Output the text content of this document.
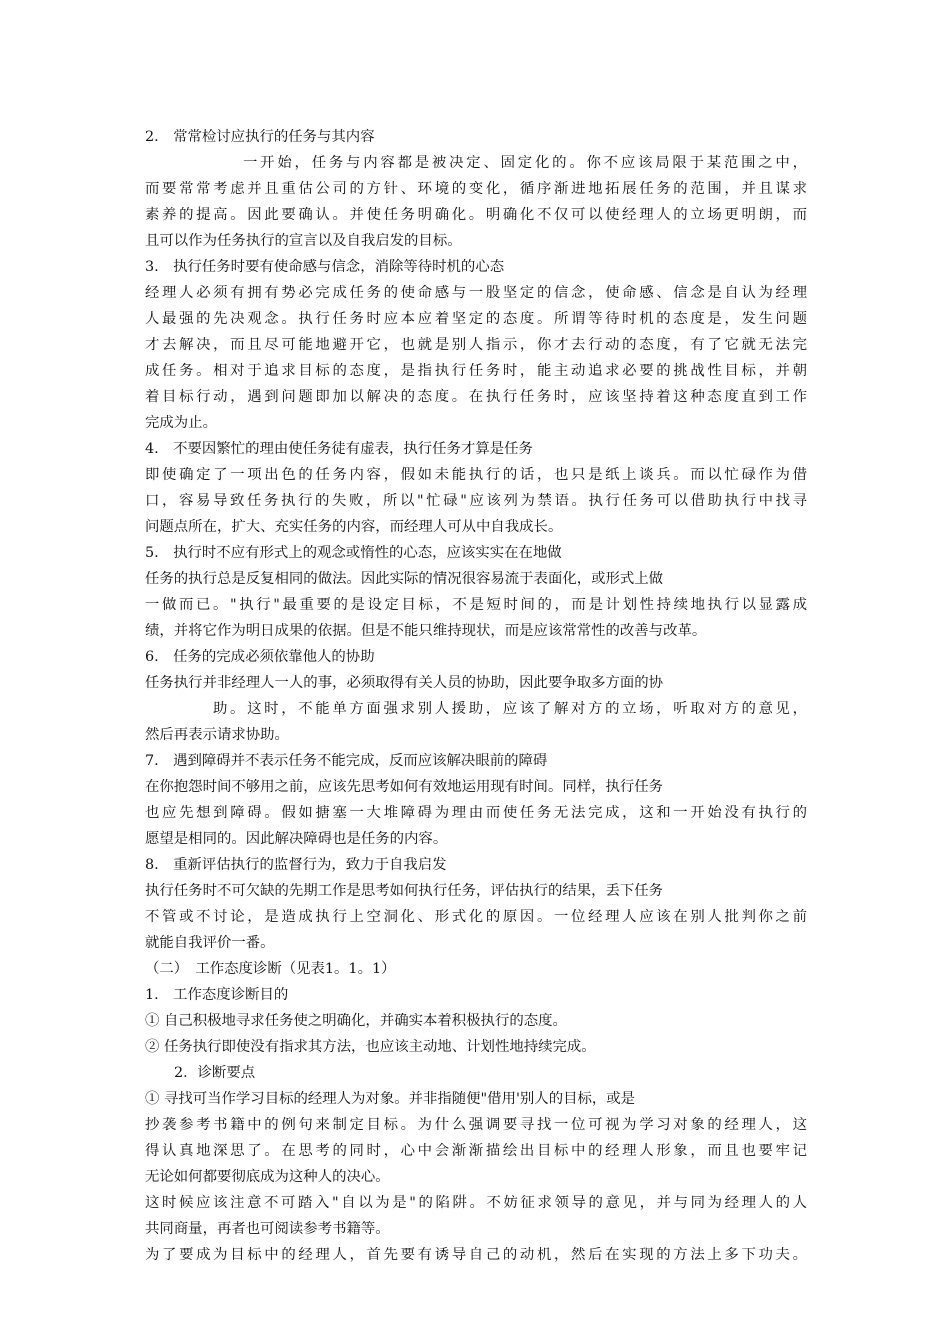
2.　常常检讨应执行的任务与其内容
一开始，任务与内容都是被决定、固定化的。你不应该局限于某范围之中，
而要常常考虑并且重估公司的方针、环境的变化，循序渐进地拓展任务的范围，并且谋求
素养的提高。因此要确认。并使任务明确化。明确化不仅可以使经理人的立场更明朗，而
且可以作为任务执行的宣言以及自我启发的目标。
3.　执行任务时要有使命感与信念，消除等待时机的心态
经理人必须有拥有势必完成任务的使命感与一股坚定的信念，使命感、信念是自认为经理
人最强的先决观念。执行任务时应本应着坚定的态度。所谓等待时机的态度是，发生问题
才去解决，而且尽可能地避开它，也就是别人指示，你才去行动的态度，有了它就无法完
成任务。相对于追求目标的态度，是指执行任务时，能主动追求必要的挑战性目标，并朝
着目标行动，遇到问题即加以解决的态度。在执行任务时，应该坚持着这种态度直到工作
完成为止。
4.　不要因繁忙的理由使任务徒有虚表，执行任务才算是任务
即使确定了一项出色的任务内容，假如未能执行的话，也只是纸上谈兵。而以忙碌作为借
口，容易导致任务执行的失败，所以"忙碌"应该列为禁语。执行任务可以借助执行中找寻
问题点所在，扩大、充实任务的内容，而经理人可从中自我成长。
5.　执行时不应有形式上的观念或惰性的心态，应该实实在在地做
任务的执行总是反复相同的做法。因此实际的情况很容易流于表面化，或形式上做
一做而已。"执行"最重要的是设定目标，不是短时间的，而是计划性持续地执行以显露成
绩，并将它作为明日成果的依据。但是不能只维持现状，而是应该常常性的改善与改革。
6.　任务的完成必须依靠他人的协助
任务执行并非经理人一人的事，必须取得有关人员的协助，因此要争取多方面的协
助。这时，不能单方面强求别人援助，应该了解对方的立场，听取对方的意见，
然后再表示请求协助。
7.　遇到障碍并不表示任务不能完成，反而应该解决眼前的障碍
在你抱怨时间不够用之前，应该先思考如何有效地运用现有时间。同样，执行任务
也应先想到障碍。假如搪塞一大堆障碍为理由而使任务无法完成，这和一开始没有执行的
愿望是相同的。因此解决障碍也是任务的内容。
8.　重新评估执行的监督行为，致力于自我启发
执行任务时不可欠缺的先期工作是思考如何执行任务，评估执行的结果，丢下任务
不管或不讨论，是造成执行上空洞化、形式化的原因。一位经理人应该在别人批判你之前
就能自我评价一番。
（二）　工作态度诊断（见表1。1。1）
1.　工作态度诊断目的
① 自己积极地寻求任务使之明确化，并确实本着积极执行的态度。
② 任务执行即使没有指求其方法，也应该主动地、计划性地持续完成。
2．诊断要点
① 寻找可当作学习目标的经理人为对象。并非指随便"借用'别人的目标，或是
抄袭参考书籍中的例句来制定目标。为什么强调要寻找一位可视为学习对象的经理人，这
得认真地深思了。在思考的同时，心中会渐渐描绘出目标中的经理人形象，而且也要牢记
无论如何都要彻底成为这种人的决心。
这时候应该注意不可踏入"自以为是"的陷阱。不妨征求领导的意见，并与同为经理人的人
共同商量，再者也可阅读参考书籍等。
为了要成为目标中的经理人，首先要有诱导自己的动机，然后在实现的方法上多下功夫。
